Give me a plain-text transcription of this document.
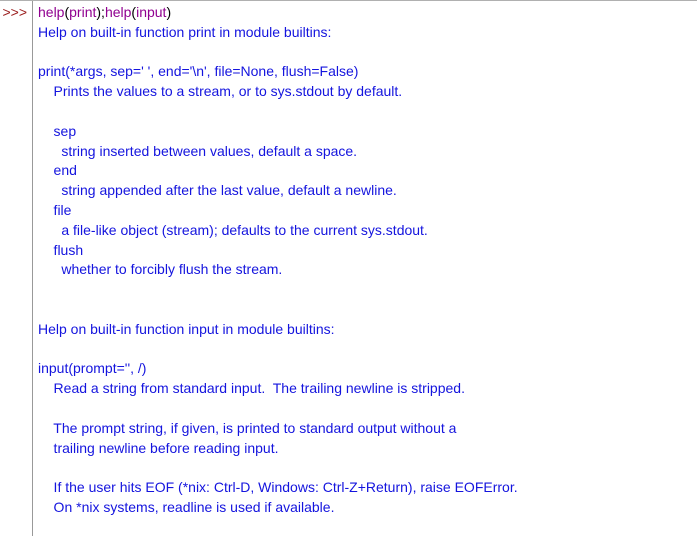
>>> help(print);help(input)
Help on built-in function print in module builtins:
print(*args, sep=' ', end='\n', file=None, flush=False)
Prints the values to a stream, or to sys.stdout by default.
sep
string inserted between values, default a space.
end
string appended after the last value, default a newline.
file
a file-like object (stream); defaults to the current sys.stdout.
flush
whether to forcibly flush the stream.
Help on built-in function input in module builtins:
input(prompt='', /)
Read a string from standard input.  The trailing newline is stripped.
The prompt string, if given, is printed to standard output without a
trailing newline before reading input.
If the user hits EOF (*nix: Ctrl-D, Windows: Ctrl-Z+Return), raise EOFError.
On *nix systems, readline is used if available.
